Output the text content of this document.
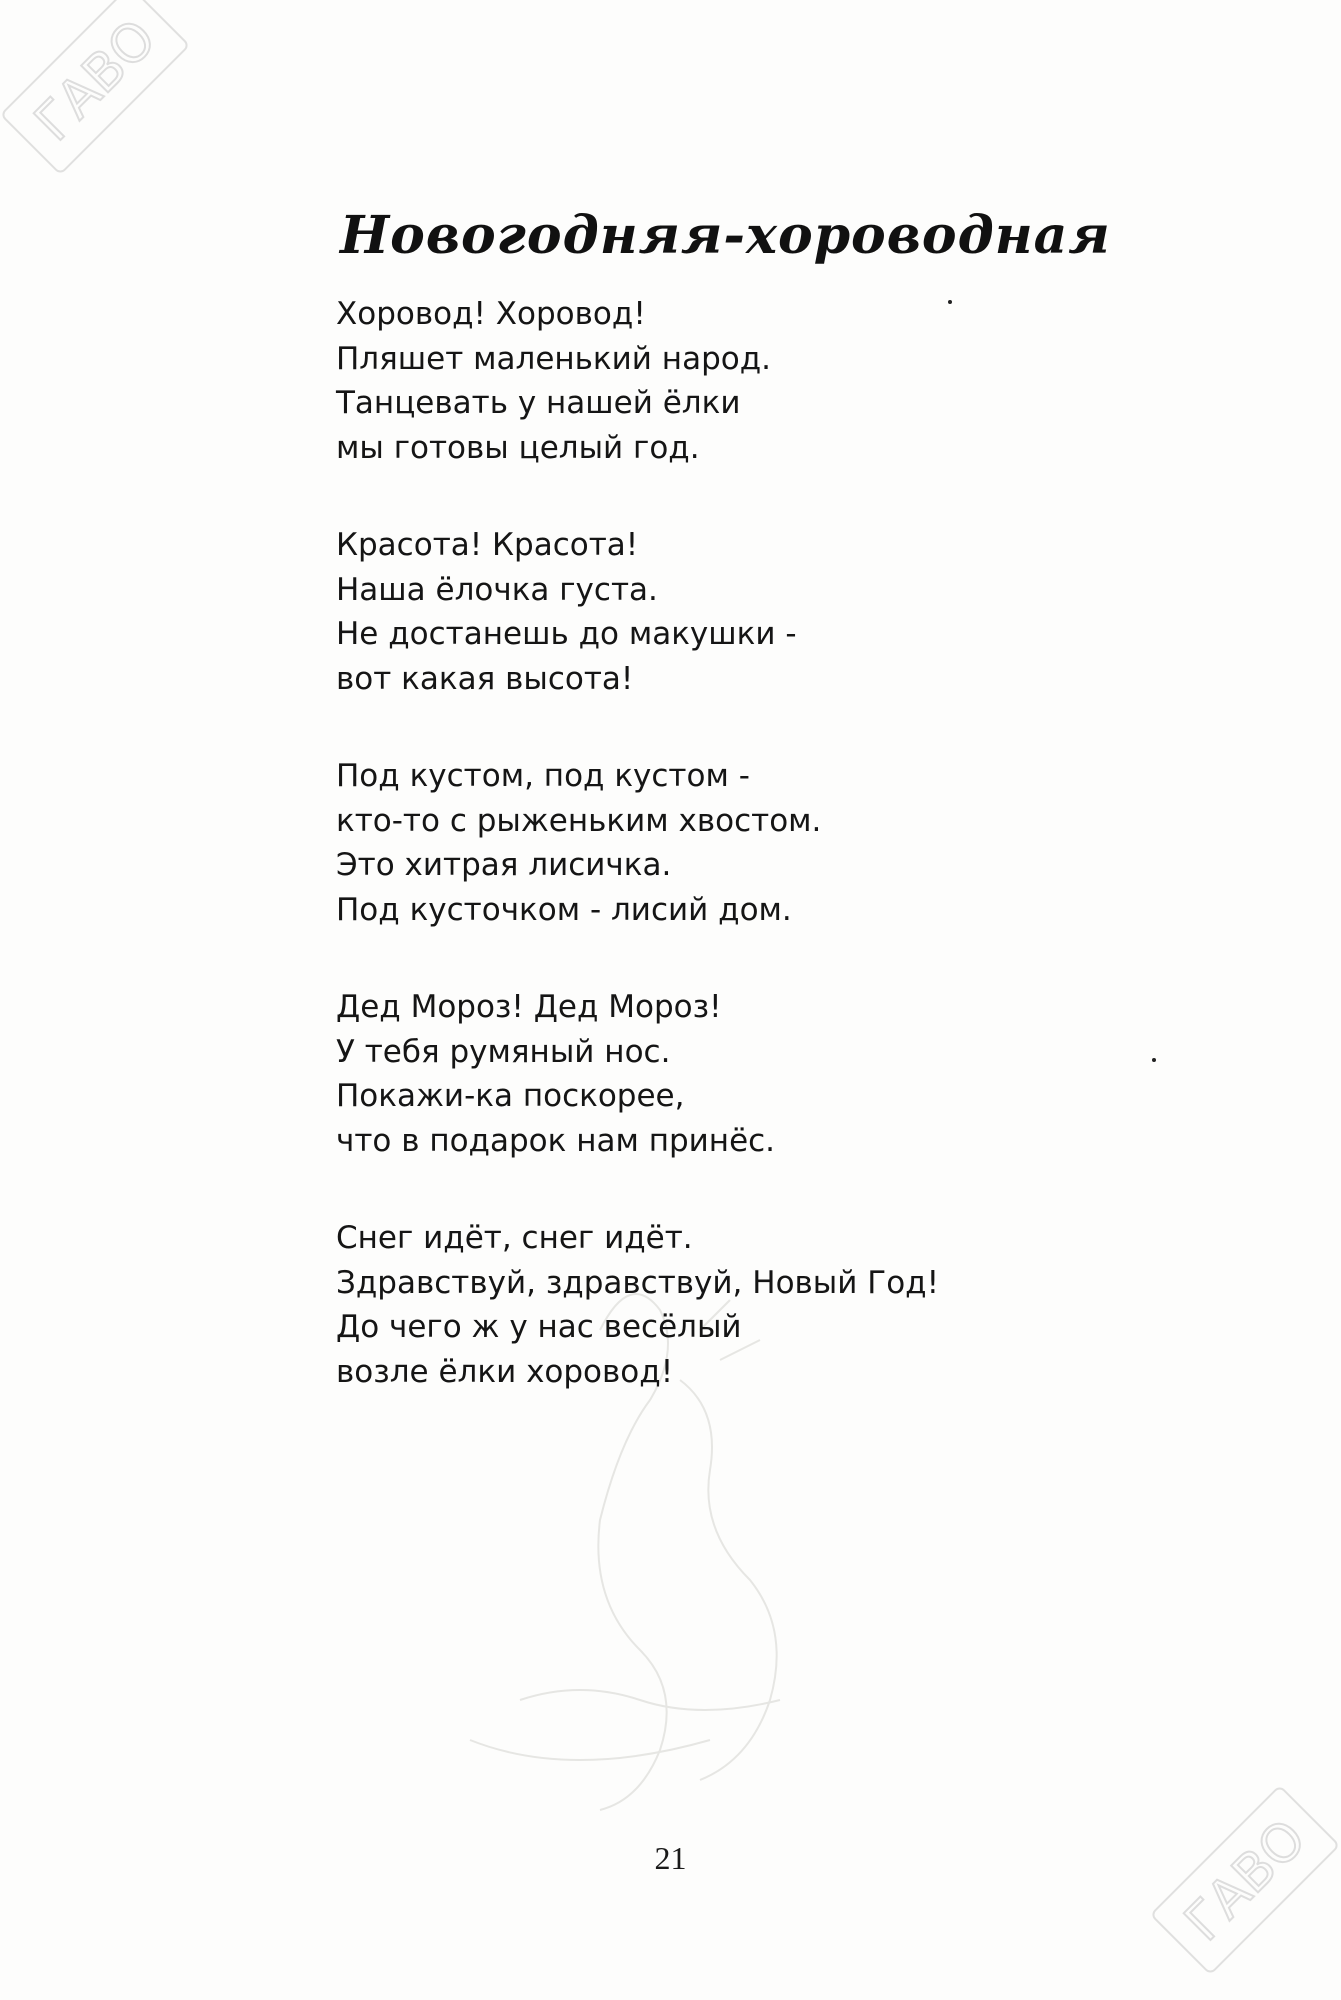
ГАВО
Новогодняя-хороводная
Хоровод! Хоровод!
Пляшет маленький народ.
Танцевать у нашей ёлки
мы готовы целый год.
Красота! Красота!
Наша ёлочка густа.
Не достанешь до макушки -
вот какая высота!
Под кустом, под кустом -
кто-то с рыженьким хвостом.
Это хитрая лисичка.
Под кусточком - лисий дом.
Дед Мороз! Дед Мороз!
У тебя румяный нос.
Покажи-ка поскорее,
что в подарок нам принёс.
Снег идёт, снег идёт.
Здравствуй, здравствуй, Новый Год!
До чего ж у нас весёлый
возле ёлки хоровод!
21	ГАВО
